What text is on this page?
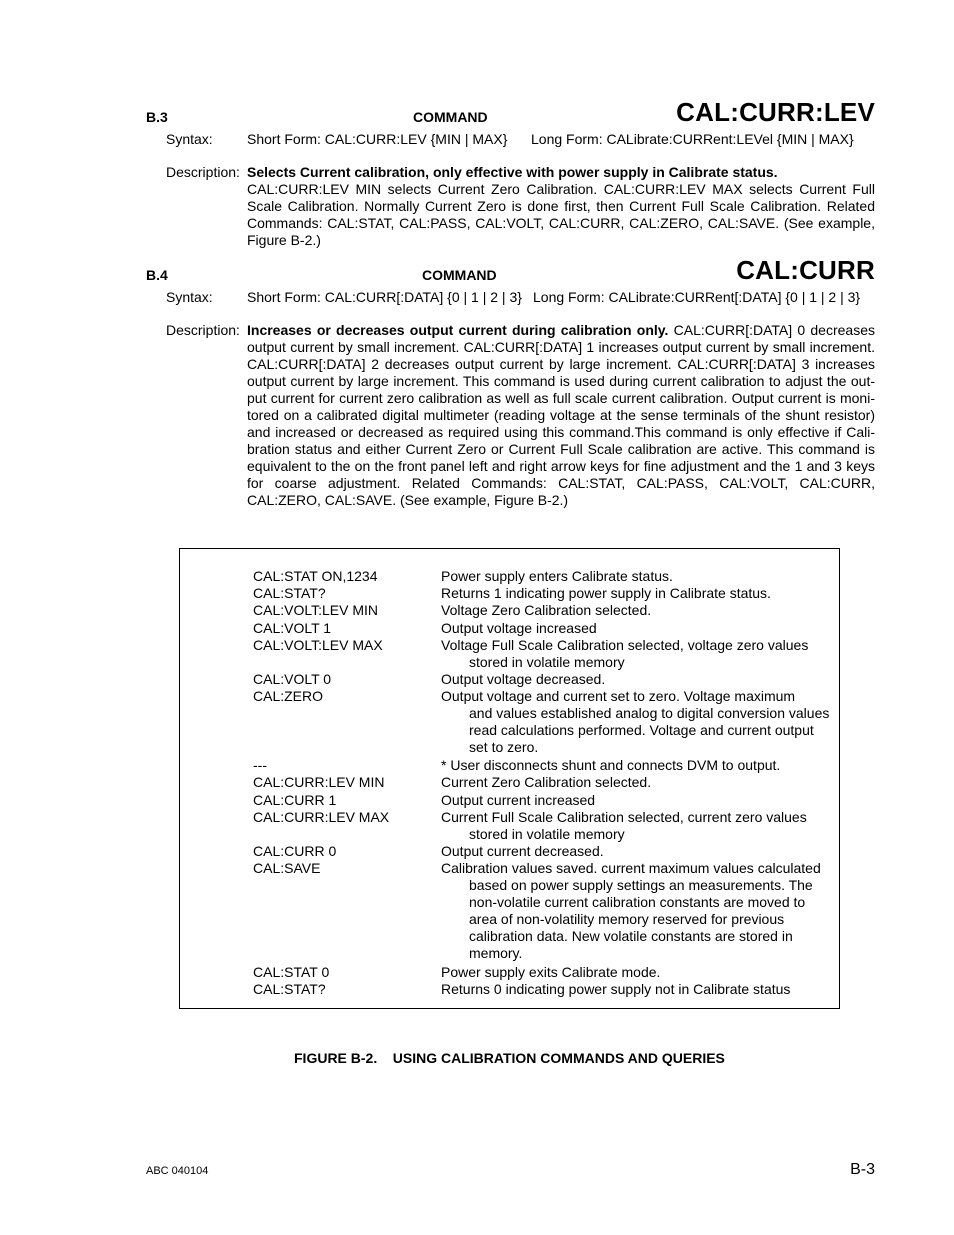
B.3	COMMAND	CAL:CURR:LEV
Syntax: Short Form: CAL:CURR:LEV {MIN | MAX} Long Form: CALibrate:CURRent:LEVel {MIN | MAX}
Description: Selects Current calibration, only effective with power supply in Calibrate status.
CAL:CURR:LEV MIN selects Current Zero Calibration. CAL:CURR:LEV MAX selects Current Full
Scale Calibration. Normally Current Zero is done first, then Current Full Scale Calibration. Related
Commands: CAL:STAT, CAL:PASS, CAL:VOLT, CAL:CURR, CAL:ZERO, CAL:SAVE. (See example,
Figure B-2.)
B.4	COMMAND	CAL:CURR
Syntax: Short Form: CAL:CURR[:DATA] {0 | 1 | 2 | 3} Long Form: CALibrate:CURRent[:DATA] {0 | 1 | 2 | 3}
Description: Increases or decreases output current during calibration only. CAL:CURR[:DATA] 0 decreases
output current by small increment. CAL:CURR[:DATA] 1 increases output current by small increment.
CAL:CURR[:DATA] 2 decreases output current by large increment. CAL:CURR[:DATA] 3 increases
output current by large increment. This command is used during current calibration to adjust the out-
put current for current zero calibration as well as full scale current calibration. Output current is moni-
tored on a calibrated digital multimeter (reading voltage at the sense terminals of the shunt resistor)
and increased or decreased as required using this command.This command is only effective if Cali-
bration status and either Current Zero or Current Full Scale calibration are active. This command is
equivalent to the on the front panel left and right arrow keys for fine adjustment and the 1 and 3 keys
for coarse adjustment. Related Commands: CAL:STAT, CAL:PASS, CAL:VOLT, CAL:CURR,
CAL:ZERO, CAL:SAVE. (See example, Figure B-2.)
CAL:STAT ON,1234	Power supply enters Calibrate status.
CAL:STAT?	Returns 1 indicating power supply in Calibrate status.
CAL:VOLT:LEV MIN	Voltage Zero Calibration selected.
CAL:VOLT 1	Output voltage increased
CAL:VOLT:LEV MAX	Voltage Full Scale Calibration selected, voltage zero values
stored in volatile memory
CAL:VOLT 0	Output voltage decreased.
CAL:ZERO	Output voltage and current set to zero. Voltage maximum
and values established analog to digital conversion values
read calculations performed. Voltage and current output
set to zero.
---	* User disconnects shunt and connects DVM to output.
CAL:CURR:LEV MIN	Current Zero Calibration selected.
CAL:CURR 1	Output current increased
CAL:CURR:LEV MAX	Current Full Scale Calibration selected, current zero values
stored in volatile memory
CAL:CURR 0	Output current decreased.
CAL:SAVE	Calibration values saved. current maximum values calculated
based on power supply settings an measurements. The
non-volatile current calibration constants are moved to
area of non-volatility memory reserved for previous
calibration data. New volatile constants are stored in
memory.
CAL:STAT 0	Power supply exits Calibrate mode.
CAL:STAT?	Returns 0 indicating power supply not in Calibrate status
FIGURE B-2.    USING CALIBRATION COMMANDS AND QUERIES
ABC 040104	B-3
